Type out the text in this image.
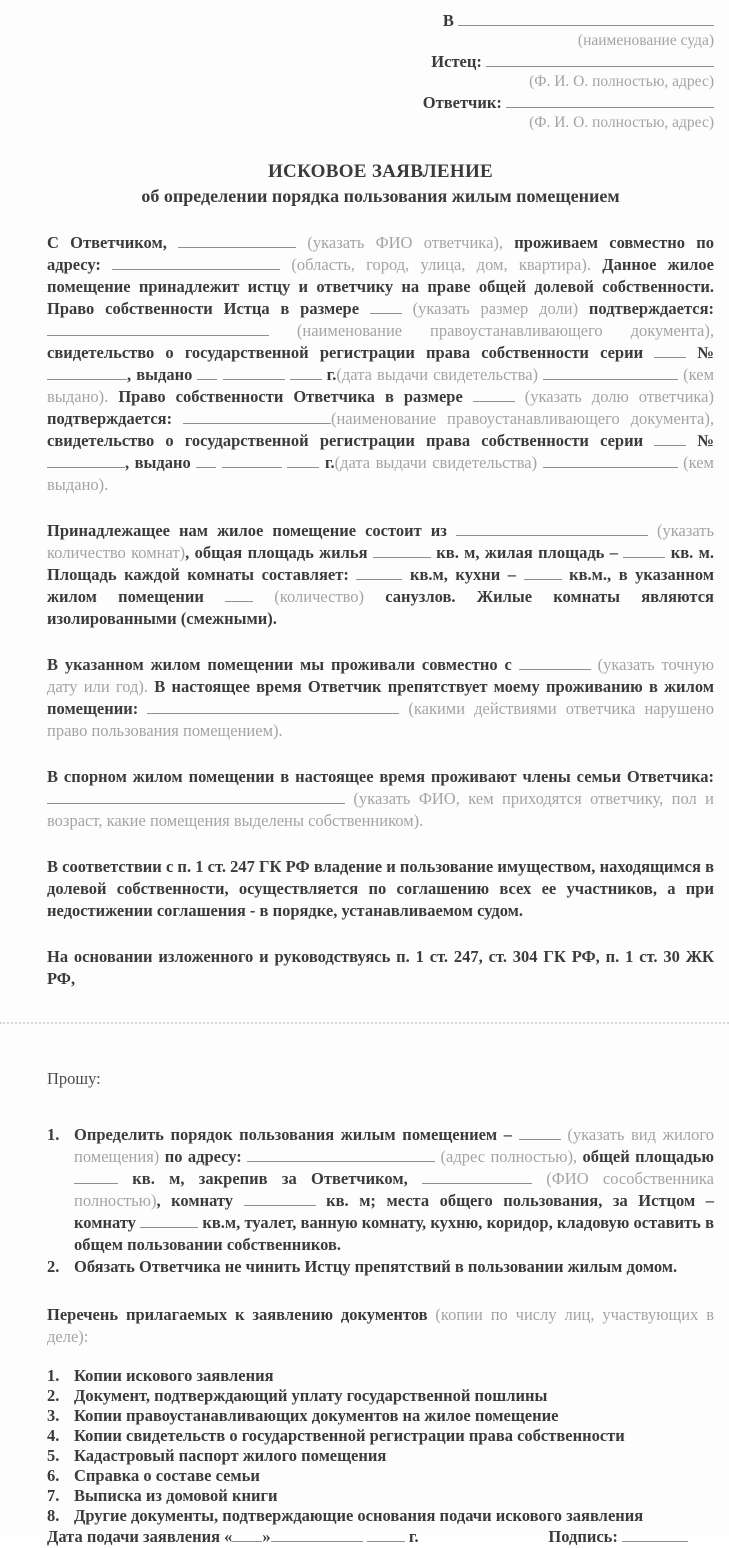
В
(наименование суда)
Истец:
(Ф. И. О. полностью, адрес)
Ответчик:
(Ф. И. О. полностью, адрес)
ИСКОВОЕ ЗАЯВЛЕНИЕ
об определении порядка пользования жилым помещением
С Ответчиком,	(указать ФИО ответчика), проживаем совместно по адресу:	(область, город, улица, дом, квартира). Данное жилое помещение принадлежит истцу и ответчику на праве общей долевой собственности. Право собственности Истца в размере  (указать размер доли) подтверждается:  (наименование правоустанавливающего документа), свидетельство о государственной регистрации права собственности серии  № , выдано	г.(дата выдачи свидетельства)	(кем выдано). Право собственности Ответчика в размере	(указать долю ответчика) подтверждается:	(наименование правоустанавливающего документа), свидетельство о государственной регистрации права собственности серии  № , выдано	г.(дата выдачи свидетельства)	(кем выдано).
Принадлежащее нам жилое помещение состоит из	(указать количество комнат), общая площадь жилья	кв. м, жилая площадь –	кв. м. Площадь каждой комнаты составляет:	кв.м, кухни –  кв.м., в указанном жилом помещении  (количество) санузлов. Жилые комнаты являются изолированными (смежными).
В указанном жилом помещении мы проживали совместно с	(указать точную дату или год). В настоящее время Ответчик препятствует моему проживанию в жилом помещении:	(какими действиями ответчика нарушено право пользования помещением).
В спорном жилом помещении в настоящее время проживают члены семьи Ответчика:  (указать ФИО, кем приходятся ответчику, пол и возраст, какие помещения выделены собственником).
В соответствии с п. 1 ст. 247 ГК РФ владение и пользование имуществом, находящимся в долевой собственности, осуществляется по соглашению всех ее участников, а при недостижении соглашения - в порядке, устанавливаемом судом.
На основании изложенного и руководствуясь п. 1 ст. 247, ст. 304 ГК РФ, п. 1 ст. 30 ЖК РФ,
Прошу:
1. Определить порядок пользования жилым помещением –	(указать вид жилого помещения) по адресу:	(адрес полностью), общей площадью  кв. м, закрепив за Ответчиком,	(ФИО сособственника полностью), комнату	кв. м; места общего пользования, за Истцом – комнату	кв.м, туалет, ванную комнату, кухню, коридор, кладовую оставить в общем пользовании собственников.
2. Обязать Ответчика не чинить Истцу препятствий в пользовании жилым домом.
Перечень прилагаемых к заявлению документов (копии по числу лиц, участвующих в деле):
1. Копии искового заявления
2. Документ, подтверждающий уплату государственной пошлины
3. Копии правоустанавливающих документов на жилое помещение
4. Копии свидетельств о государственной регистрации права собственности
5. Кадастровый паспорт жилого помещения
6. Справка о составе семьи
7. Выписка из домовой книги
8. Другие документы, подтверждающие основания подачи искового заявления
Дата подачи заявления « »	г.	Подпись:
